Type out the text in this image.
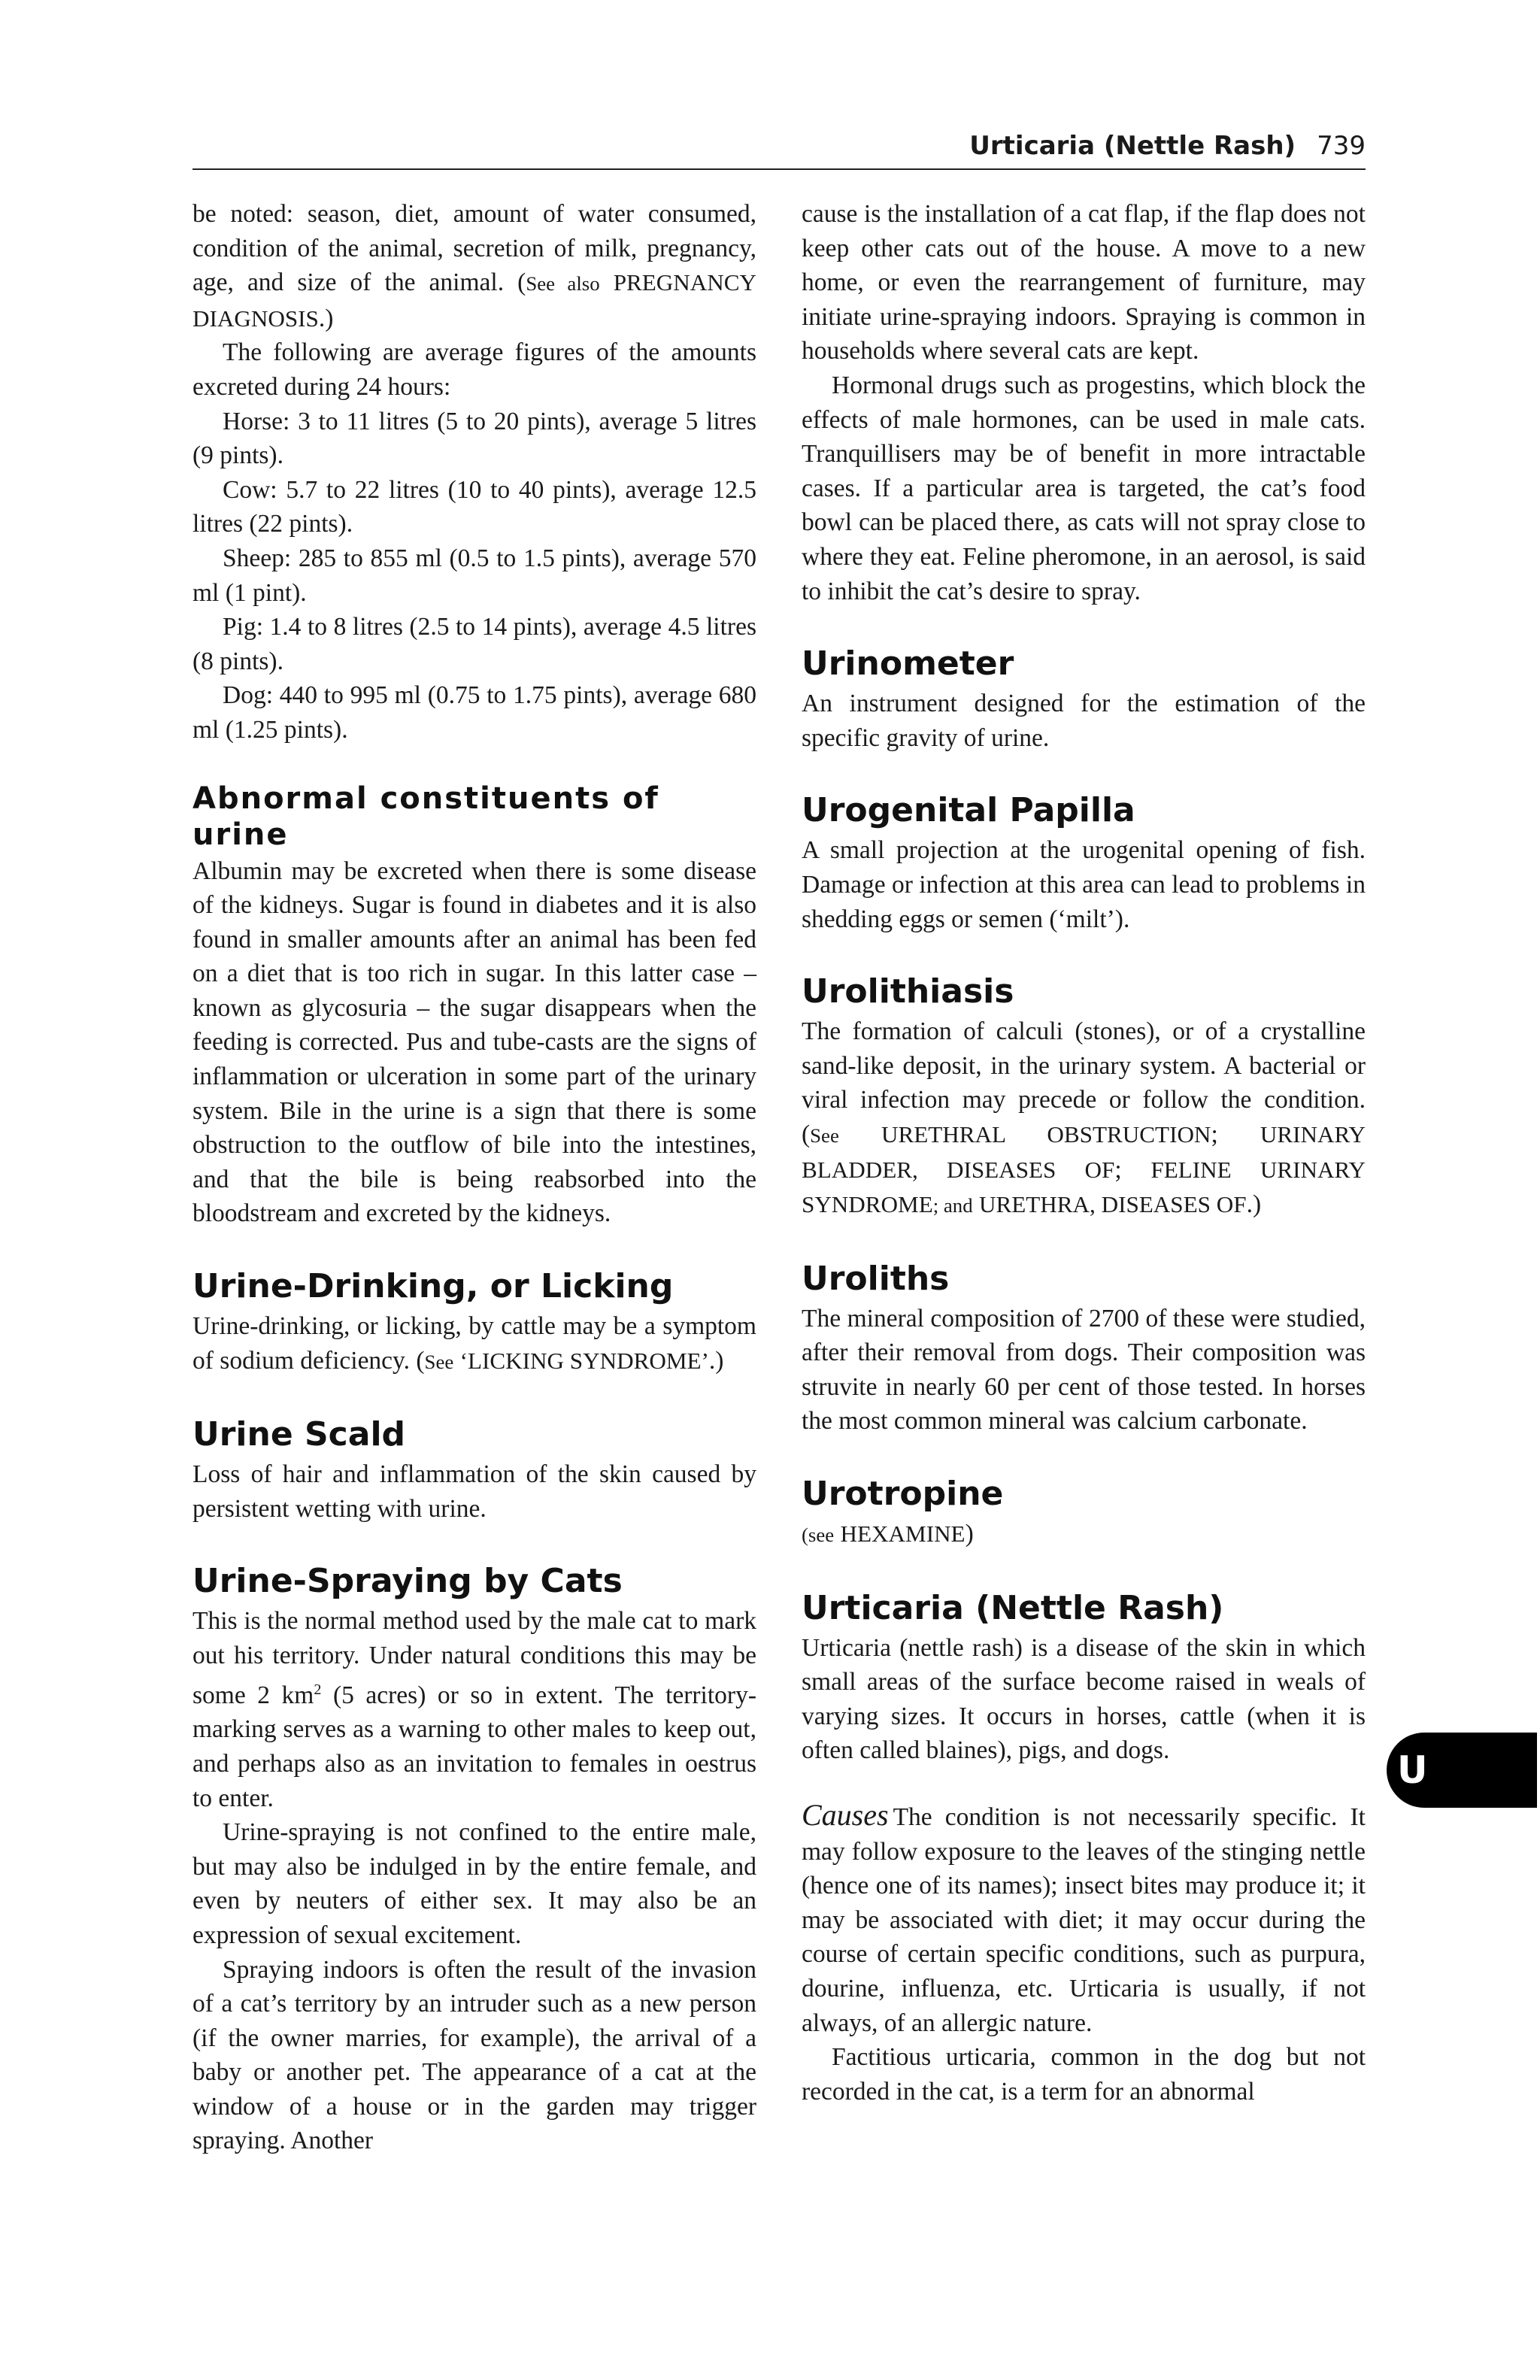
Urticaria (Nettle Rash) 739

be noted: season, diet, amount of water consumed, condition of the animal, secretion of milk, pregnancy, age, and size of the animal. (See also PREGNANCY DIAGNOSIS.)

The following are average figures of the amounts excreted during 24 hours:

Horse: 3 to 11 litres (5 to 20 pints), average 5 litres (9 pints).

Cow: 5.7 to 22 litres (10 to 40 pints), average 12.5 litres (22 pints).

Sheep: 285 to 855 ml (0.5 to 1.5 pints), average 570 ml (1 pint).

Pig: 1.4 to 8 litres (2.5 to 14 pints), average 4.5 litres (8 pints).

Dog: 440 to 995 ml (0.75 to 1.75 pints), average 680 ml (1.25 pints).

Abnormal constituents of urine

Albumin may be excreted when there is some disease of the kidneys. Sugar is found in diabetes and it is also found in smaller amounts after an animal has been fed on a diet that is too rich in sugar. In this latter case – known as glycosuria – the sugar disappears when the feeding is corrected. Pus and tube-casts are the signs of inflammation or ulceration in some part of the urinary system. Bile in the urine is a sign that there is some obstruction to the outflow of bile into the intestines, and that the bile is being reabsorbed into the bloodstream and excreted by the kidneys.

Urine-Drinking, or Licking

Urine-drinking, or licking, by cattle may be a symptom of sodium deficiency. (See ‘LICKING SYNDROME’.)

Urine Scald

Loss of hair and inflammation of the skin caused by persistent wetting with urine.

Urine-Spraying by Cats

This is the normal method used by the male cat to mark out his territory. Under natural conditions this may be some 2 $km^2$ (5 acres) or so in extent. The territory-marking serves as a warning to other males to keep out, and perhaps also as an invitation to females in oestrus to enter.

Urine-spraying is not confined to the entire male, but may also be indulged in by the entire female, and even by neuters of either sex. It may also be an expression of sexual excitement.

Spraying indoors is often the result of the invasion of a cat’s territory by an intruder such as a new person (if the owner marries, for example), the arrival of a baby or another pet. The appearance of a cat at the window of a house or in the garden may trigger spraying. Another

cause is the installation of a cat flap, if the flap does not keep other cats out of the house. A move to a new home, or even the rearrangement of furniture, may initiate urine-spraying indoors. Spraying is common in households where several cats are kept.

Hormonal drugs such as progestins, which block the effects of male hormones, can be used in male cats. Tranquillisers may be of benefit in more intractable cases. If a particular area is targeted, the cat’s food bowl can be placed there, as cats will not spray close to where they eat. Feline pheromone, in an aerosol, is said to inhibit the cat’s desire to spray.

Urinometer

An instrument designed for the estimation of the specific gravity of urine.

Urogenital Papilla

A small projection at the urogenital opening of fish. Damage or infection at this area can lead to problems in shedding eggs or semen (‘milt’).

Urolithiasis

The formation of calculi (stones), or of a crystalline sand-like deposit, in the urinary system. A bacterial or viral infection may precede or follow the condition. (See URETHRAL OBSTRUCTION; URINARY BLADDER, DISEASES OF; FELINE URINARY SYNDROME; and URETHRA, DISEASES OF.)

Uroliths

The mineral composition of 2700 of these were studied, after their removal from dogs. Their composition was struvite in nearly 60 per cent of those tested. In horses the most common mineral was calcium carbonate.

Urotropine

(see HEXAMINE)

Urticaria (Nettle Rash)

Urticaria (nettle rash) is a disease of the skin in which small areas of the surface become raised in weals of varying sizes. It occurs in horses, cattle (when it is often called blaines), pigs, and dogs.

Causes The condition is not necessarily specific. It may follow exposure to the leaves of the stinging nettle (hence one of its names); insect bites may produce it; it may be associated with diet; it may occur during the course of certain specific conditions, such as purpura, dourine, influenza, etc. Urticaria is usually, if not always, of an allergic nature.

Factitious urticaria, common in the dog but not recorded in the cat, is a term for an abnormal

U
